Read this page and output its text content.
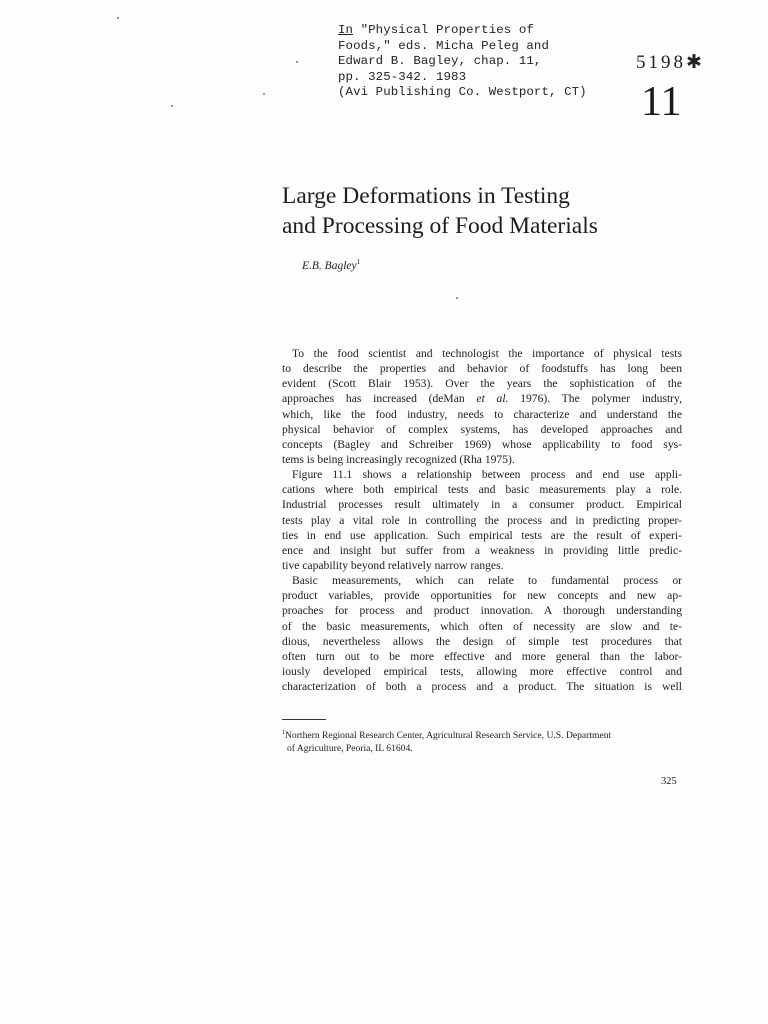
In "Physical Properties of
Foods," eds. Micha Peleg and
Edward B. Bagley, chap. 11,
pp. 325-342. 1983
(Avi Publishing Co. Westport, CT)
5198✱
11
Large Deformations in Testing
and Processing of Food Materials
E.B. Bagley$^1$
To the food scientist and technologist the importance of physical tests
to describe the properties and behavior of foodstuffs has long been
evident (Scott Blair 1953). Over the years the sophistication of the
approaches has increased (deMan et al. 1976). The polymer industry,
which, like the food industry, needs to characterize and understand the
physical behavior of complex systems, has developed approaches and
concepts (Bagley and Schreiber 1969) whose applicability to food sys-
tems is being increasingly recognized (Rha 1975).
Figure 11.1 shows a relationship between process and end use appli-
cations where both empirical tests and basic measurements play a role.
Industrial processes result ultimately in a consumer product. Empirical
tests play a vital role in controlling the process and in predicting proper-
ties in end use application. Such empirical tests are the result of experi-
ence and insight but suffer from a weakness in providing little predic-
tive capability beyond relatively narrow ranges.
Basic measurements, which can relate to fundamental process or
product variables, provide opportunities for new concepts and new ap-
proaches for process and product innovation. A thorough understanding
of the basic measurements, which often of necessity are slow and te-
dious, nevertheless allows the design of simple test procedures that
often turn out to be more effective and more general than the labor-
iously developed empirical tests, allowing more effective control and
characterization of both a process and a product. The situation is well
$^1$Northern Regional Research Center, Agricultural Research Service, U.S. Department
of Agriculture, Peoria, IL 61604.
325
